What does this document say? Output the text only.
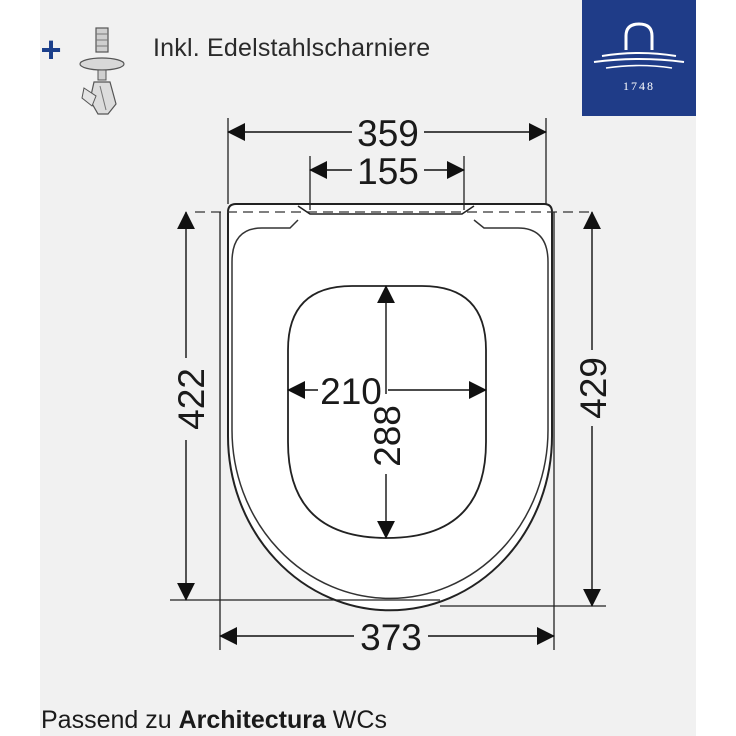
+	Inkl. Edelstahlscharniere
1748
359
155
422	429
210
288
373
Passend zu Architectura WCs
